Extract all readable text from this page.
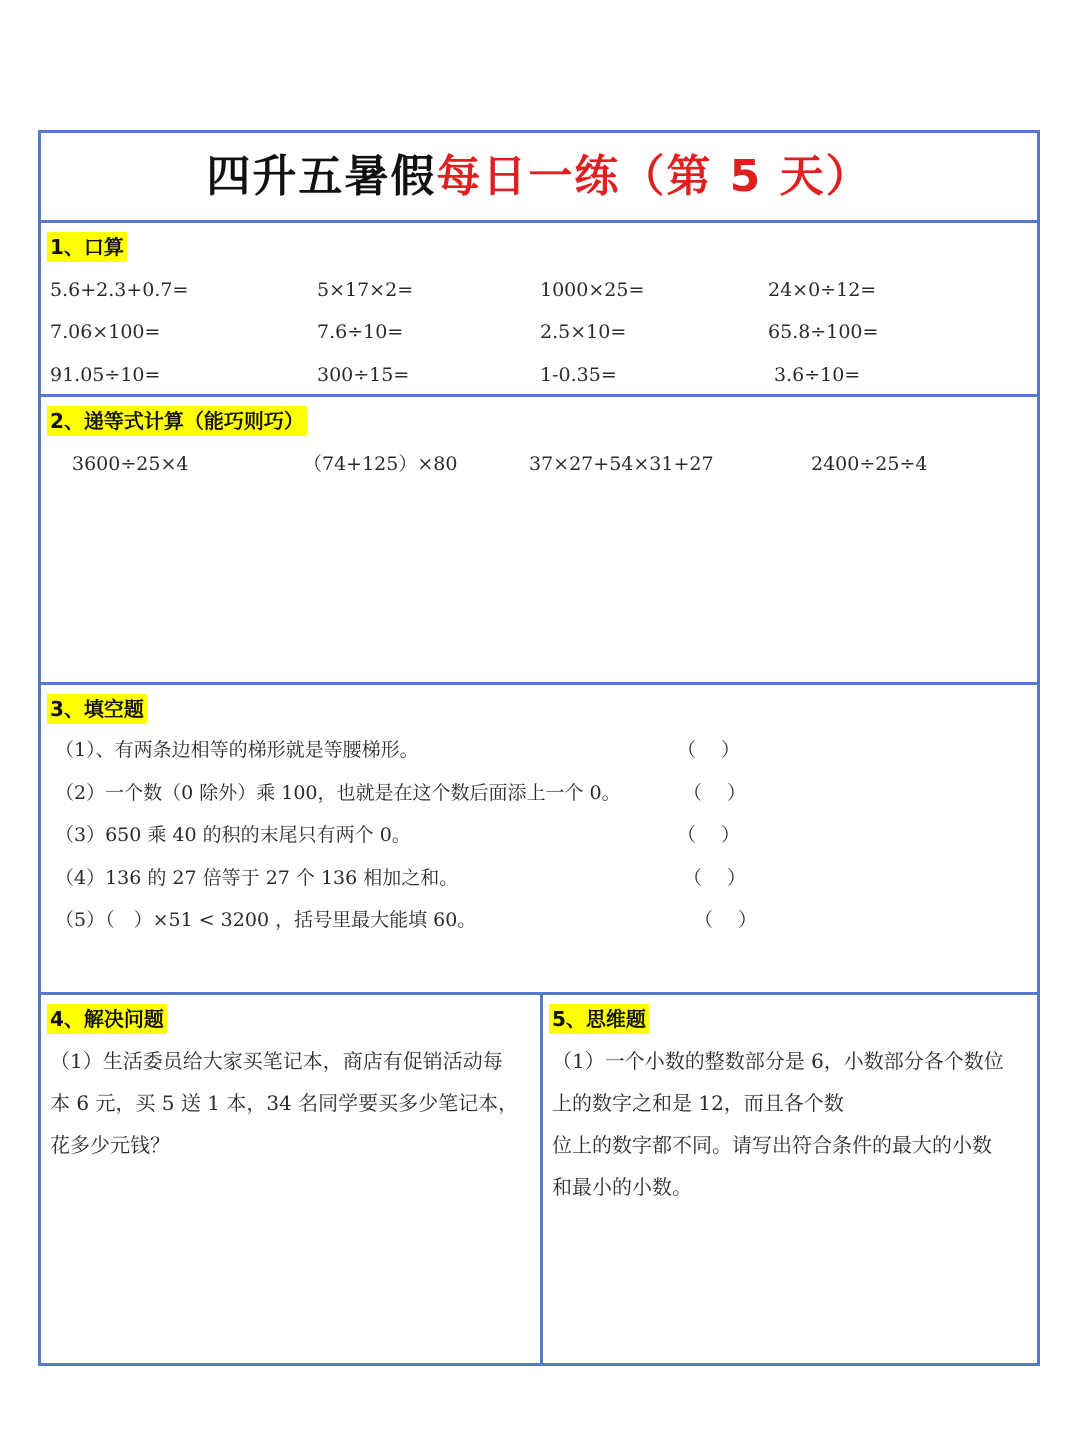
四升五暑假每日一练（第 5 天）
1、口算
5.6+2.3+0.7=	5×17×2=	1000×25=	24×0÷12=
7.06×100=	7.6÷10=	2.5×10=	65.8÷100=
91.05÷10=	300÷15=	1-0.35=	3.6÷10=
2、递等式计算（能巧则巧）
3600÷25×4	（74+125）×80	37×27+54×31+27	2400÷25÷4
3、填空题
（1）、有两条边相等的梯形就是等腰梯形。	（　 ）
（2）一个数（0 除外）乘 100，也就是在这个数后面添上一个 0。	（　 ）
（3）650 乘 40 的积的末尾只有两个 0。	（　 ）
（4）136 的 27 倍等于 27 个 136 相加之和。	（　 ）
（5）（　）×51 < 3200 ，括号里最大能填 60。	（　 ）
4、解决问题
（1）生活委员给大家买笔记本，商店有促销活动每
本 6 元，买 5 送 1 本，34 名同学要买多少笔记本，
花多少元钱？
5、思维题
（1）一个小数的整数部分是 6，小数部分各个数位
上的数字之和是 12，而且各个数
位上的数字都不同。请写出符合条件的最大的小数
和最小的小数。
